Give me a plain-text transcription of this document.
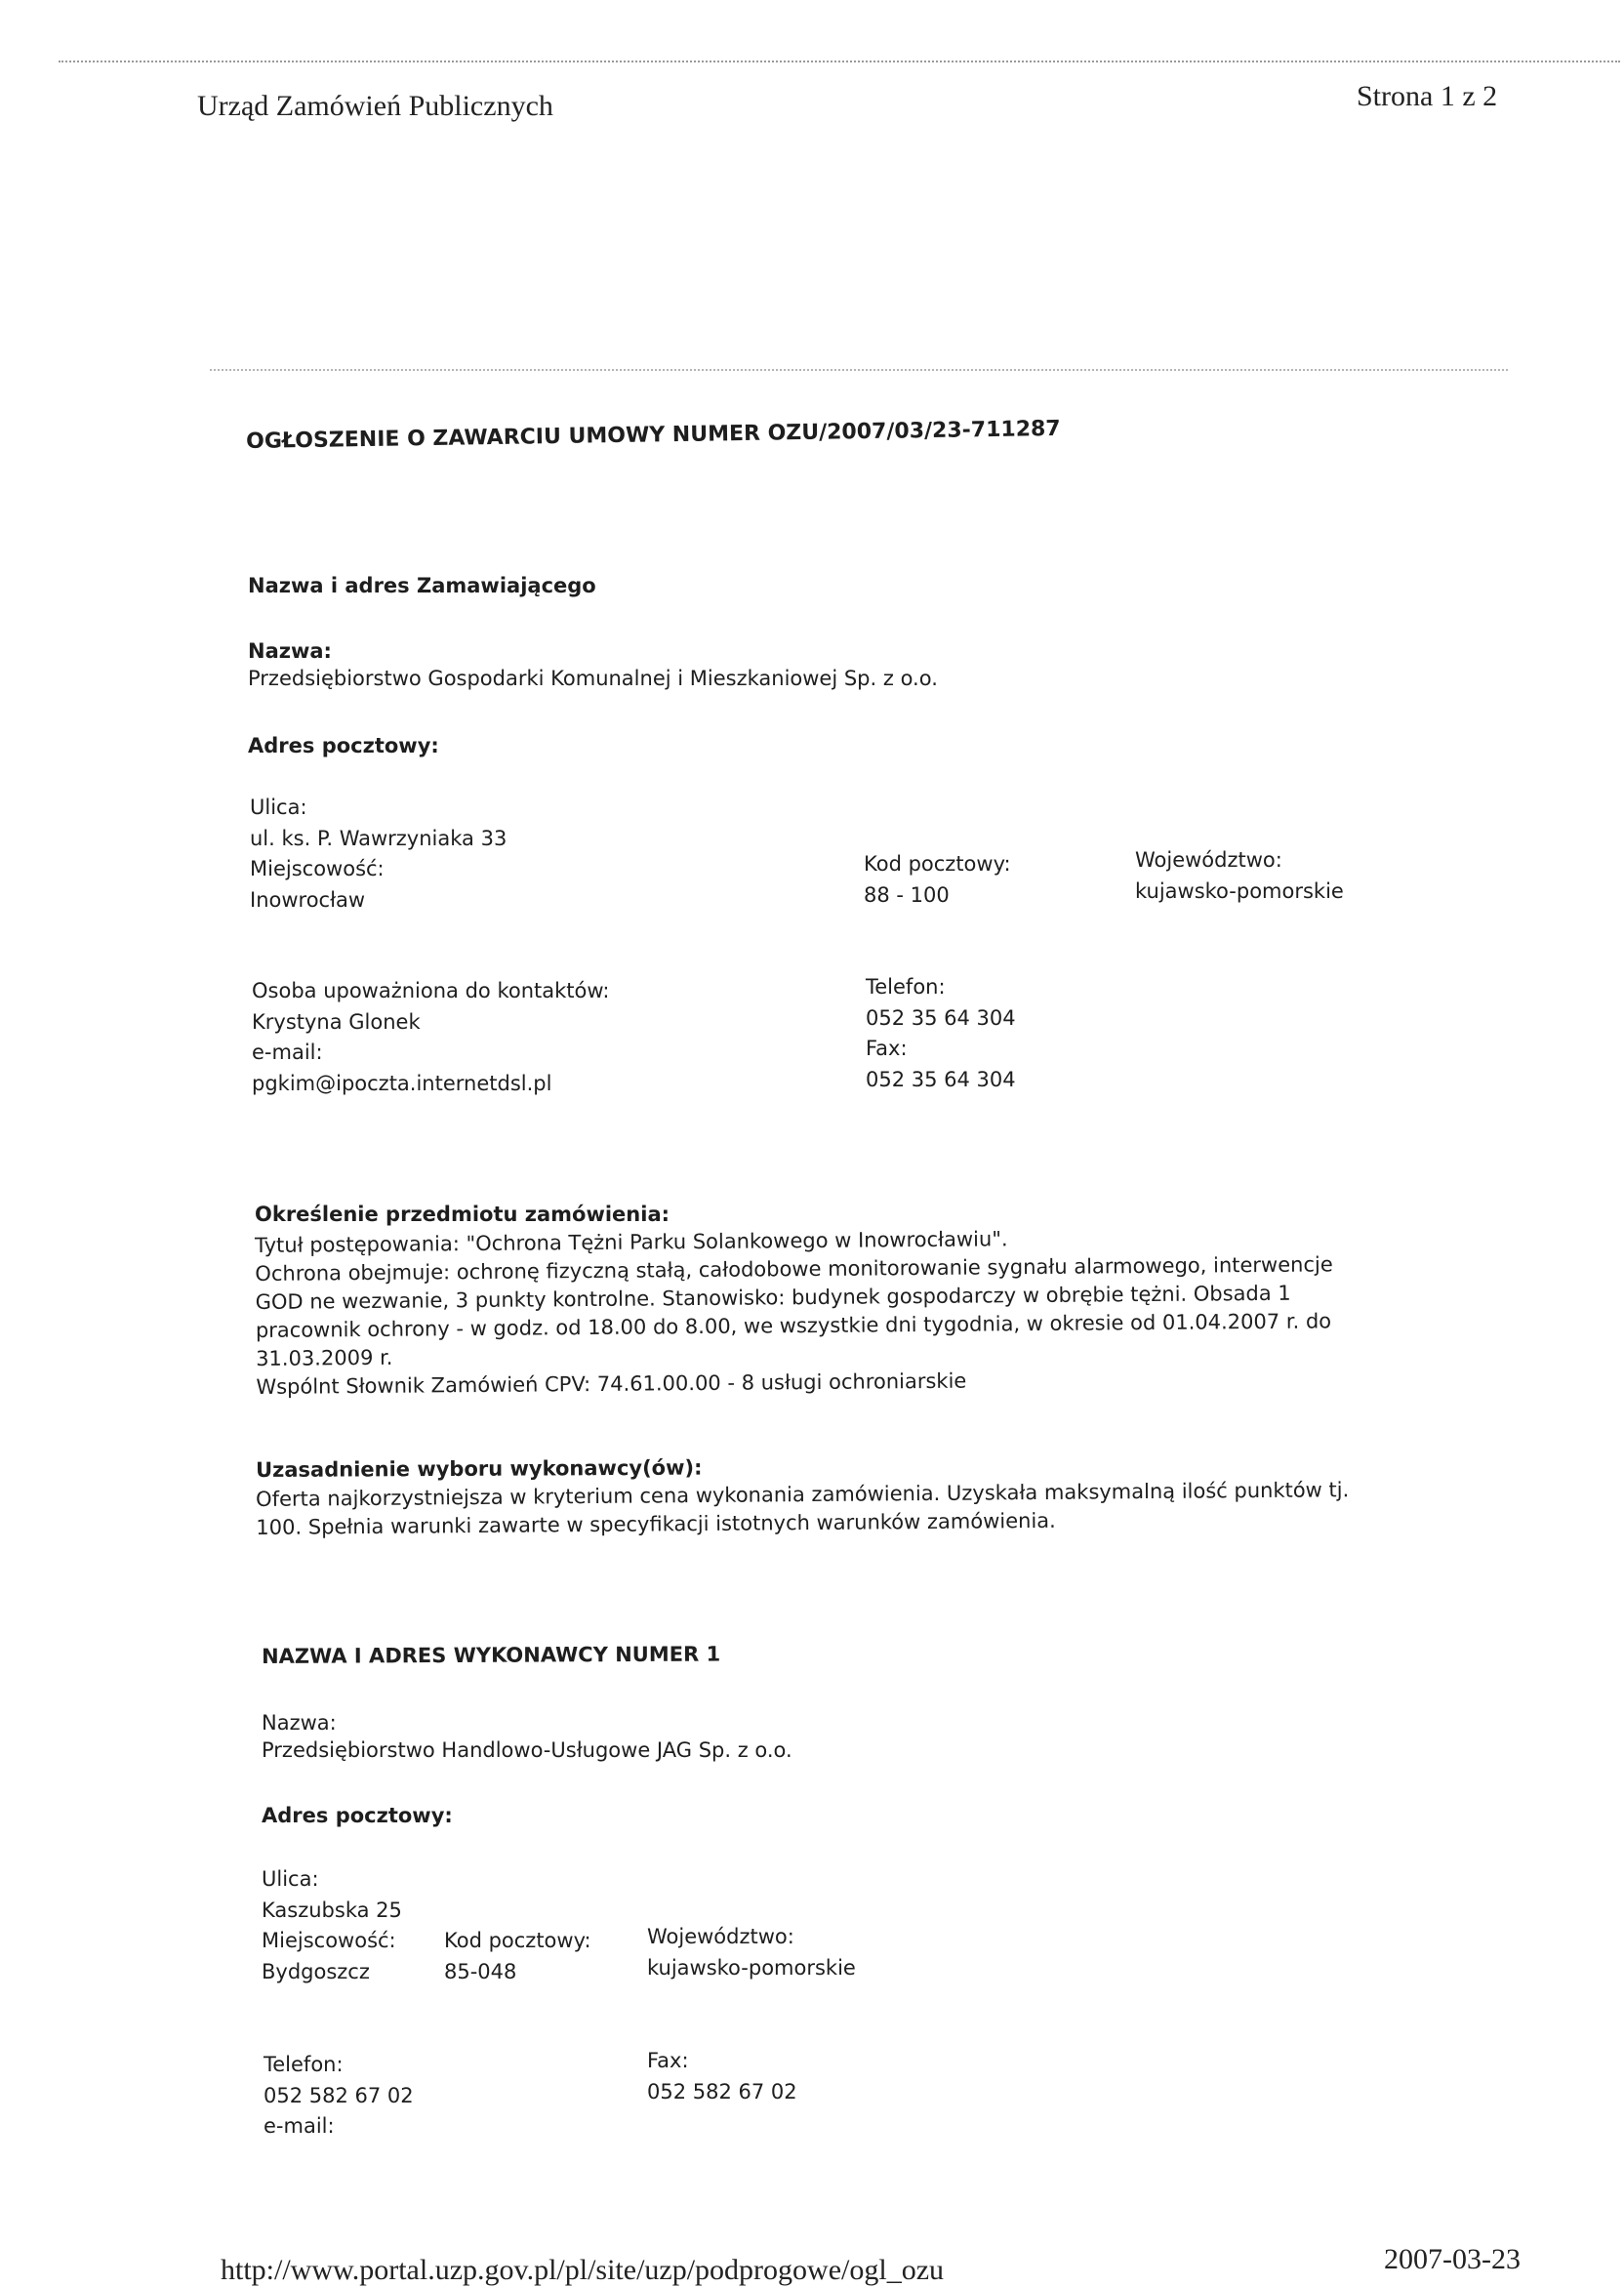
Urząd Zamówień Publicznych	Strona 1 z 2
OGŁOSZENIE O ZAWARCIU UMOWY NUMER OZU/2007/03/23-711287
Nazwa i adres Zamawiającego
Nazwa:
Przedsiębiorstwo Gospodarki Komunalnej i Mieszkaniowej Sp. z o.o.
Adres pocztowy:
Ulica:
ul. ks. P. Wawrzyniaka 33
Miejscowość:
Inowrocław
Kod pocztowy:
88 - 100
Województwo:
kujawsko-pomorskie
Osoba upoważniona do kontaktów:
Krystyna Glonek
e-mail:
pgkim@ipoczta.internetdsl.pl
Telefon:
052 35 64 304
Fax:
052 35 64 304
Określenie przedmiotu zamówienia:
Tytuł postępowania: "Ochrona Tężni Parku Solankowego w Inowrocławiu".
Ochrona obejmuje: ochronę fizyczną stałą, całodobowe monitorowanie sygnału alarmowego, interwencje
GOD ne wezwanie, 3 punkty kontrolne. Stanowisko: budynek gospodarczy w obrębie tężni. Obsada 1
pracownik ochrony - w godz. od 18.00 do 8.00, we wszystkie dni tygodnia, w okresie od 01.04.2007 r. do
31.03.2009 r.
Wspólnt Słownik Zamówień CPV: 74.61.00.00 - 8 usługi ochroniarskie
Uzasadnienie wyboru wykonawcy(ów):
Oferta najkorzystniejsza w kryterium cena wykonania zamówienia. Uzyskała maksymalną ilość punktów tj.
100. Spełnia warunki zawarte w specyfikacji istotnych warunków zamówienia.
NAZWA I ADRES WYKONAWCY NUMER 1
Nazwa:
Przedsiębiorstwo Handlowo-Usługowe JAG Sp. z o.o.
Adres pocztowy:
Ulica:
Kaszubska 25
Miejscowość:
Bydgoszcz
Kod pocztowy:
85-048
Województwo:
kujawsko-pomorskie
Telefon:
052 582 67 02
e-mail:
Fax:
052 582 67 02
http://www.portal.uzp.gov.pl/pl/site/uzp/podprogowe/ogl_ozu	2007-03-23
